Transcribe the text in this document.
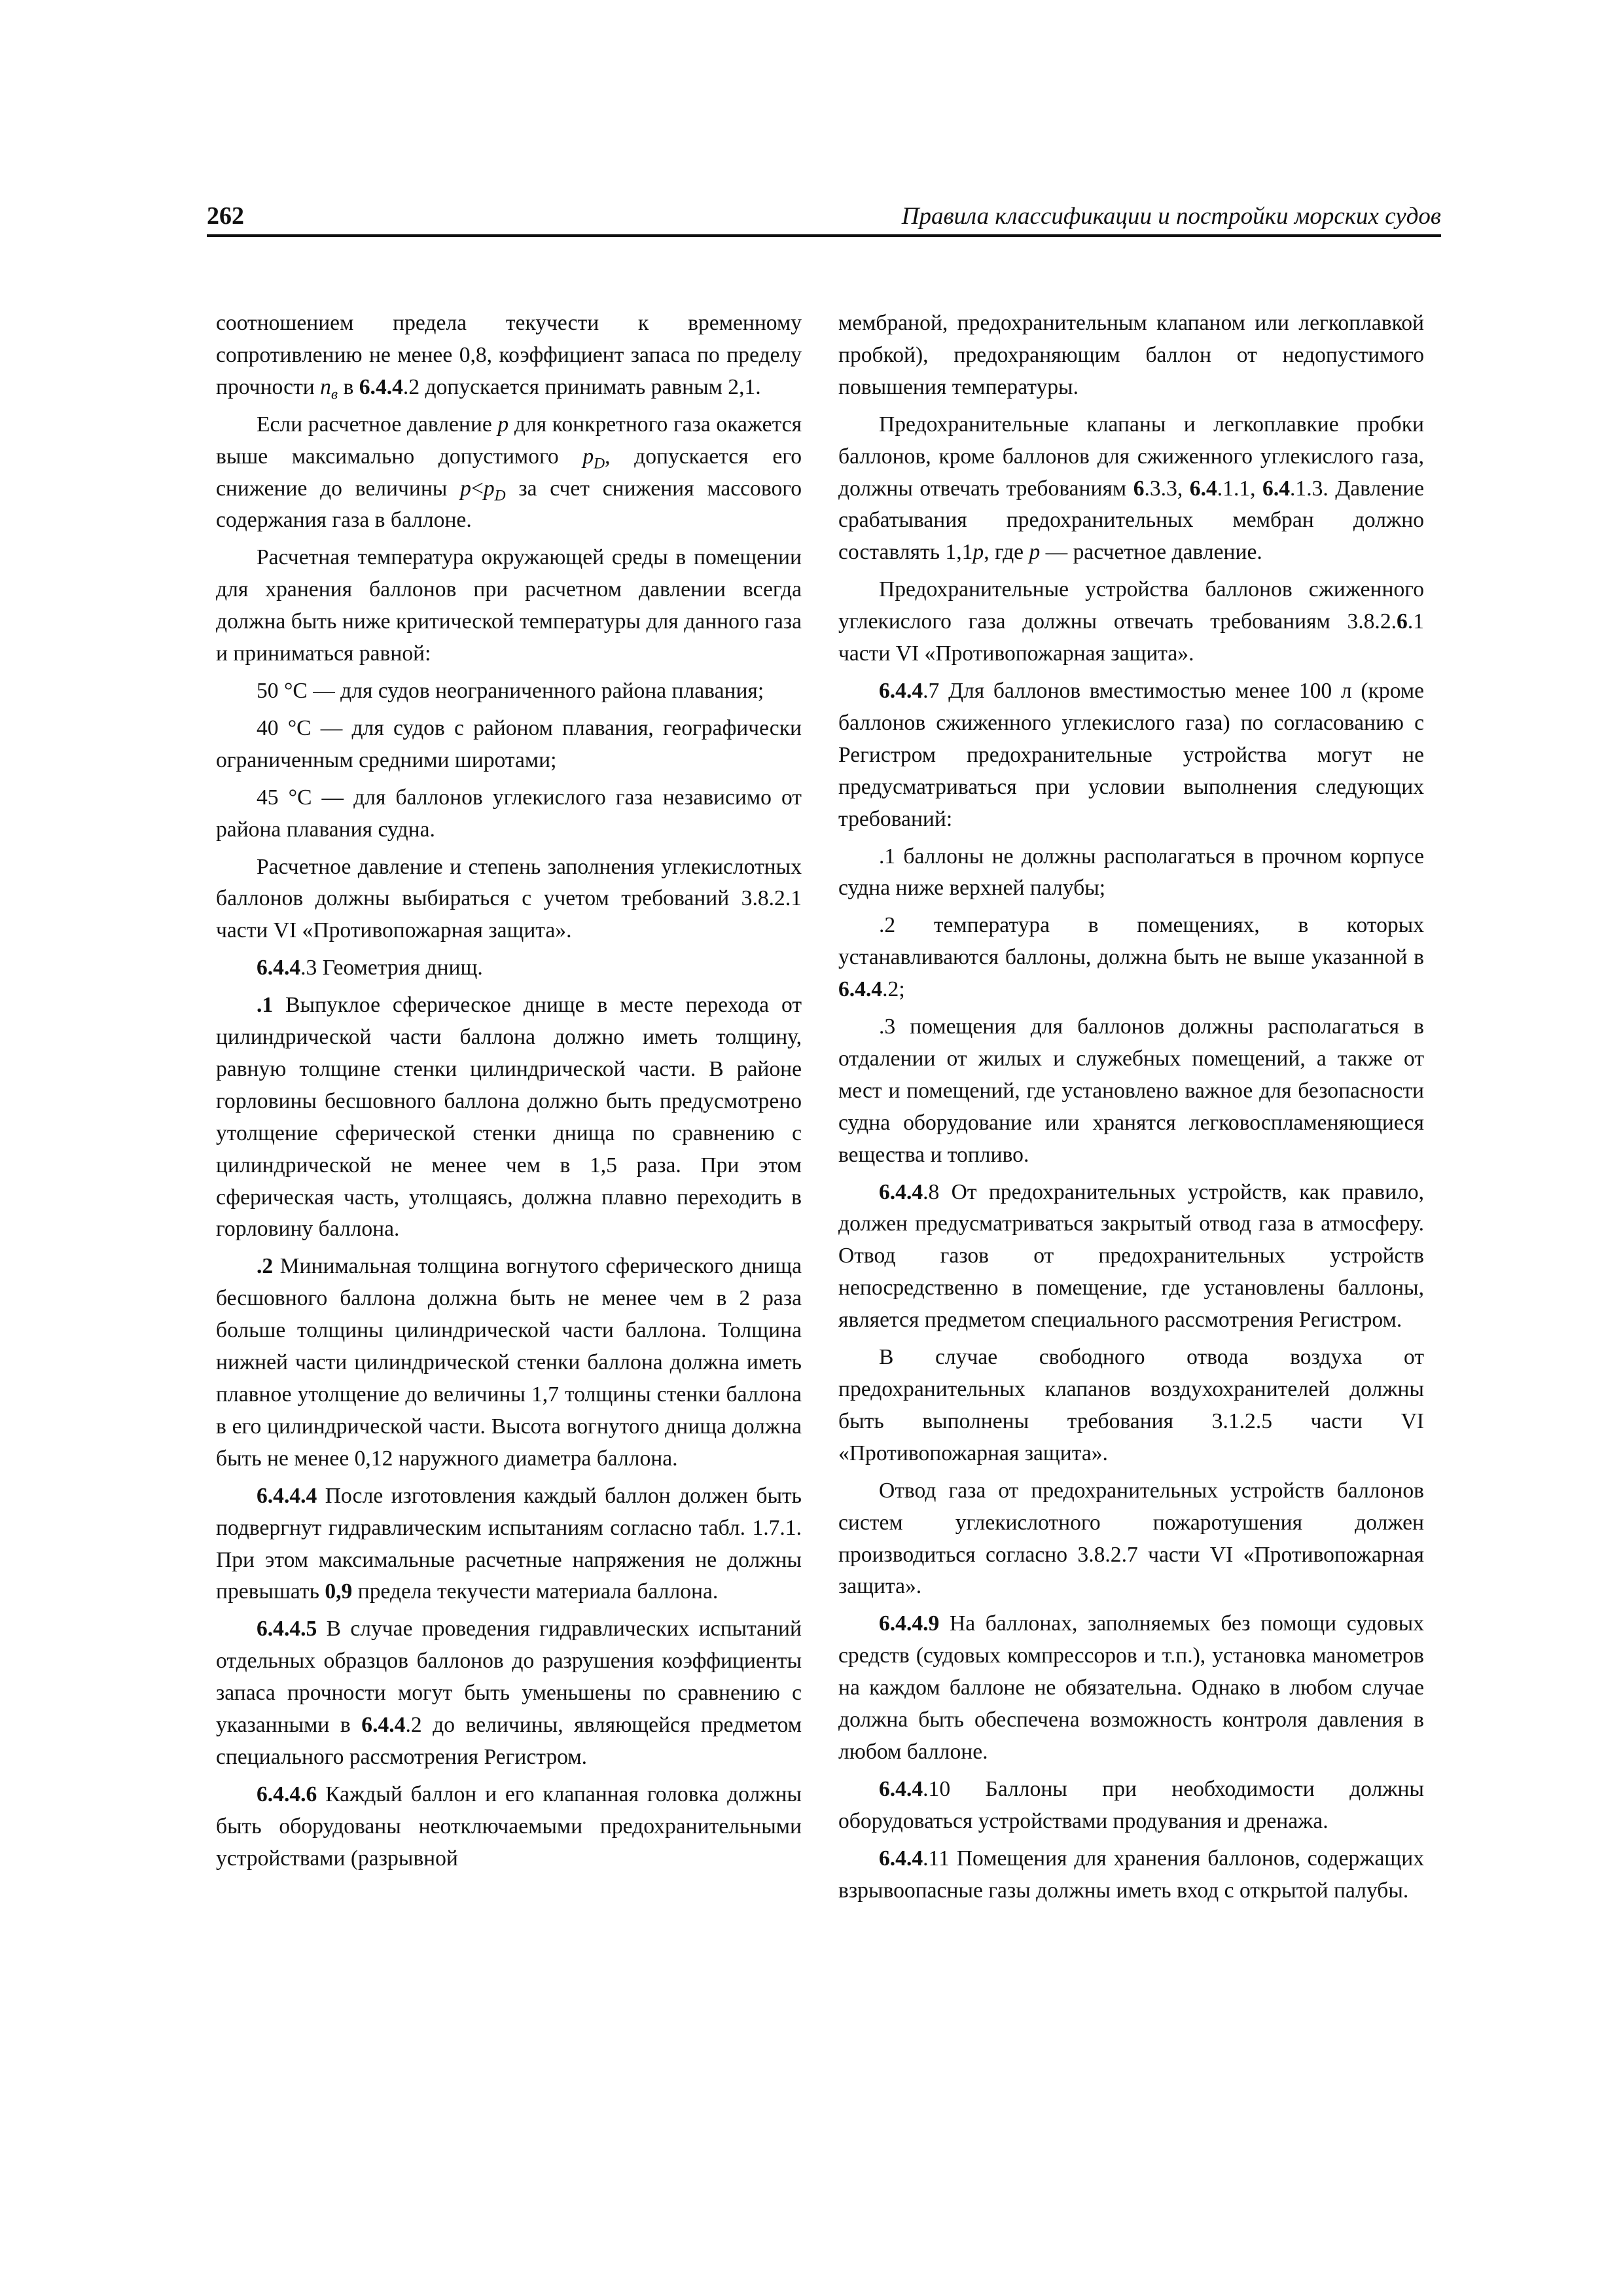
262	Правила классификации и постройки морских судов

соотношением предела текучести к временному сопротивлению не менее 0,8, коэффициент запаса по пределу прочности $n_в$ в 6.4.4.2 допускается принимать равным 2,1.

Если расчетное давление p для конкретного газа окажется выше максимально допустимого $p_D$, допускается его снижение до величины $p<p_D$ за счет снижения массового содержания газа в баллоне.

Расчетная температура окружающей среды в помещении для хранения баллонов при расчетном давлении всегда должна быть ниже критической температуры для данного газа и приниматься равной:

50 °С — для судов неограниченного района плавания;

40 °С — для судов с районом плавания, географически ограниченным средними широтами;

45 °С — для баллонов углекислого газа независимо от района плавания судна.

Расчетное давление и степень заполнения углекислотных баллонов должны выбираться с учетом требований 3.8.2.1 части VI «Противопожарная защита».

6.4.4.3 Геометрия днищ.

.1 Выпуклое сферическое днище в месте перехода от цилиндрической части баллона должно иметь толщину, равную толщине стенки цилиндрической части. В районе горловины бесшовного баллона должно быть предусмотрено утолщение сферической стенки днища по сравнению с цилиндрической не менее чем в 1,5 раза. При этом сферическая часть, утолщаясь, должна плавно переходить в горловину баллона.

.2 Минимальная толщина вогнутого сферического днища бесшовного баллона должна быть не менее чем в 2 раза больше толщины цилиндрической части баллона. Толщина нижней части цилиндрической стенки баллона должна иметь плавное утолщение до величины 1,7 толщины стенки баллона в его цилиндрической части. Высота вогнутого днища должна быть не менее 0,12 наружного диаметра баллона.

6.4.4.4 После изготовления каждый баллон должен быть подвергнут гидравлическим испытаниям согласно табл. 1.7.1. При этом максимальные расчетные напряжения не должны превышать 0,9 предела текучести материала баллона.

6.4.4.5 В случае проведения гидравлических испытаний отдельных образцов баллонов до разрушения коэффициенты запаса прочности могут быть уменьшены по сравнению с указанными в 6.4.4.2 до величины, являющейся предметом специального рассмотрения Регистром.

6.4.4.6 Каждый баллон и его клапанная головка должны быть оборудованы неотключаемыми предохранительными устройствами (разрывной

мембраной, предохранительным клапаном или легкоплавкой пробкой), предохраняющим баллон от недопустимого повышения температуры.

Предохранительные клапаны и легкоплавкие пробки баллонов, кроме баллонов для сжиженного углекислого газа, должны отвечать требованиям 6.3.3, 6.4.1.1, 6.4.1.3. Давление срабатывания предохранительных мембран должно составлять 1,1p, где p — расчетное давление.

Предохранительные устройства баллонов сжиженного углекислого газа должны отвечать требованиям 3.8.2.6.1 части VI «Противопожарная защита».

6.4.4.7 Для баллонов вместимостью менее 100 л (кроме баллонов сжиженного углекислого газа) по согласованию с Регистром предохранительные устройства могут не предусматриваться при условии выполнения следующих требований:

.1 баллоны не должны располагаться в прочном корпусе судна ниже верхней палубы;

.2 температура в помещениях, в которых устанавливаются баллоны, должна быть не выше указанной в 6.4.4.2;

.3 помещения для баллонов должны располагаться в отдалении от жилых и служебных помещений, а также от мест и помещений, где установлено важное для безопасности судна оборудование или хранятся легковоспламеняющиеся вещества и топливо.

6.4.4.8 От предохранительных устройств, как правило, должен предусматриваться закрытый отвод газа в атмосферу. Отвод газов от предохранительных устройств непосредственно в помещение, где установлены баллоны, является предметом специального рассмотрения Регистром.

В случае свободного отвода воздуха от предохранительных клапанов воздухохранителей должны быть выполнены требования 3.1.2.5 части VI «Противопожарная защита».

Отвод газа от предохранительных устройств баллонов систем углекислотного пожаротушения должен производиться согласно 3.8.2.7 части VI «Противопожарная защита».

6.4.4.9 На баллонах, заполняемых без помощи судовых средств (судовых компрессоров и т.п.), установка манометров на каждом баллоне не обязательна. Однако в любом случае должна быть обеспечена возможность контроля давления в любом баллоне.

6.4.4.10 Баллоны при необходимости должны оборудоваться устройствами продувания и дренажа.

6.4.4.11 Помещения для хранения баллонов, содержащих взрывоопасные газы должны иметь вход с открытой палубы.
